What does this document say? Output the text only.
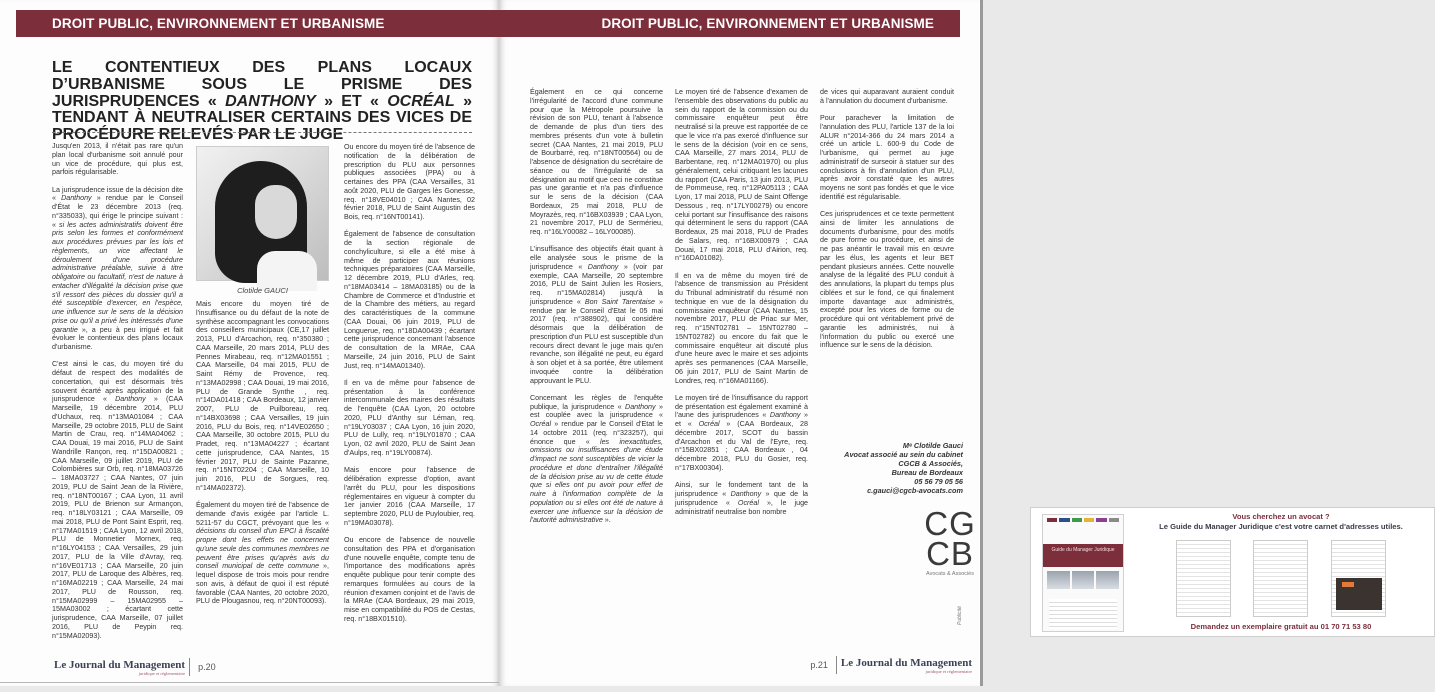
DROIT PUBLIC, ENVIRONNEMENT ET URBANISME
LE CONTENTIEUX DES PLANS LOCAUX D’URBANISME SOUS LE PRISME DES JURISPRUDENCES « DANTHONY » ET « OCRÉAL » TENDANT À NEUTRALISER CERTAINS DES VICES DE PROCÉDURE RELEVÉS PAR LE JUGE

Jusqu'en 2013, il n'était pas rare qu'un plan local d'urbanisme soit annulé pour un vice de procédure, qui plus est, parfois régularisable.

La jurisprudence issue de la décision dite « Danthony » rendue par le Conseil d'État le 23 décembre 2013 (req. n°335033), qui érige le principe suivant : « si les actes administratifs doivent être pris selon les formes et conformément aux procédures prévues par les lois et règlements, un vice affectant le déroulement d'une procédure administrative préalable, suivie à titre obligatoire ou facultatif, n'est de nature à entacher d'illégalité la décision prise que s'il ressort des pièces du dossier qu'il a été susceptible d'exercer, en l'espèce, une influence sur le sens de la décision prise ou qu'il a privé les intéressés d'une garantie », a peu à peu irrigué et fait évoluer le contentieux des plans locaux d'urbanisme.

C'est ainsi le cas, du moyen tiré du défaut de respect des modalités de concertation, qui est désormais très souvent écarté après application de la jurisprudence « Danthony » (CAA Marseille, 19 décembre 2014, PLU d'Uchaux, req. n°13MA01084 ; CAA Marseille, 29 octobre 2015, PLU de Saint Martin de Crau, req. n°14MA04062 ; CAA Douai, 19 mai 2016, PLU de Saint Wandrille Rançon, req. n°15DA00821 ; CAA Marseille, 09 juillet 2019, PLU de Colombières sur Orb, req. n°18MA03726 – 18MA03727 ; CAA Nantes, 07 juin 2019, PLU de Saint Jean de la Rivière, req. n°18NT00167 ; CAA Lyon, 11 avril 2019, PLU de Brienon sur Armançon, req. n°18LY03121 ; CAA Marseille, 09 mai 2018, PLU de Pont Saint Esprit, req. n°17MA01519 ; CAA Lyon, 12 avril 2018, PLU de Monnetier Mornex, req. n°16LY04153 ; CAA Versailles, 29 juin 2017, PLU de la Ville d'Avray, req. n°16VE01713 ; CAA Marseille, 20 juin 2017, PLU de Laroque des Albères, req. n°16MA02219 ; CAA Marseille, 24 mai 2017, PLU de Rousson, req. n°15MA02999 – 15MA02955 – 15MA03002 ; écartant cette jurisprudence, CAA Marseille, 07 juillet 2016, PLU de Peypin req. n°15MA02093).

Clotilde GAUCI

Mais encore du moyen tiré de l'insuffisance ou du défaut de la note de synthèse accompagnant les convocations des conseillers municipaux (CE,17 juillet 2013, PLU d'Arcachon, req. n°350380 ; CAA Marseille, 20 mars 2014, PLU des Pennes Mirabeau, req. n°12MA01551 ; CAA Marseille, 04 mai 2015, PLU de Saint Rémy de Provence, req. n°13MA02998 ; CAA Douai, 19 mai 2016, PLU de Grande Synthe , req. n°14DA01418 ; CAA Bordeaux, 12 janvier 2007, PLU de Puilboreau, req. n°14BX03698 ; CAA Versailles, 19 juin 2016, PLU du Bois, req. n°14VE02650 ; CAA Marseille, 30 octobre 2015, PLU du Pradet, req. n°13MA04227 ; écartant cette jurisprudence, CAA Nantes, 15 février 2017, PLU de Sainte Pazanne, req. n°15NT02204 ; CAA Marseille, 10 juin 2016, PLU de Sorgues, req. n°14MA02372).

Également du moyen tiré de l'absence de demande d'avis exigée par l'article L. 5211-57 du CGCT, prévoyant que les « décisions du conseil d'un EPCI à fiscalité propre dont les effets ne concernent qu'une seule des communes membres ne peuvent être prises qu'après avis du conseil municipal de cette commune », lequel dispose de trois mois pour rendre son avis, à défaut de quoi il est réputé favorable (CAA Nantes, 20 octobre 2020, PLU de Plougasnou, req. n°20NT00093).

Ou encore du moyen tiré de l'absence de notification de la délibération de prescription du PLU aux personnes publiques associées (PPA) ou à certaines des PPA (CAA Versailles, 31 août 2020, PLU de Garges lès Gonesse, req. n°18VE04010 ; CAA Nantes, 02 février 2018, PLU de Saint Augustin des Bois, req. n°16NT00141).

Également de l'absence de consultation de la section régionale de conchyliculture, si elle a été mise à même de participer aux réunions techniques préparatoires (CAA Marseille, 12 décembre 2019, PLU d'Arles, req. n°18MA03414 – 18MA03185) ou de la Chambre de Commerce et d'Industrie et de la Chambre des métiers, au regard des caractéristiques de la commune (CAA Douai, 06 juin 2019, PLU de Longuerue, req. n°18DA00439 ; écartant cette jurisprudence concernant l'absence de consultation de la MRAe, CAA Marseille, 24 juin 2016, PLU de Saint Just, req. n°14MA01340).

Il en va de même pour l'absence de présentation à la conférence intercommunale des maires des résultats de l'enquête (CAA Lyon, 20 octobre 2020, PLU d'Anthy sur Léman, req. n°19LY03037 ; CAA Lyon, 16 juin 2020, PLU de Lully, req. n°19LY01870 ; CAA Lyon, 02 avril 2020, PLU de Saint Jean d'Aulps, req. n°19LY00874).

Mais encore pour l'absence de délibération expresse d'option, avant l'arrêt du PLU, pour les dispositions réglementaires en vigueur à compter du 1er janvier 2016 (CAA Marseille, 17 septembre 2020, PLU de Puyloubier, req. n°19MA03078).

Ou encore de l'absence de nouvelle consultation des PPA et d'organisation d'une nouvelle enquête, compte tenu de l'importance des modifications après enquête publique pour tenir compte des remarques formulées au cours de la réunion d'examen conjoint et de l'avis de la MRAe (CAA Bordeaux, 29 mai 2019, mise en compatibilité du POS de Cestas, req. n°18BX01510).

Le Journal du Management
juridique et réglementaire
p.20
DROIT PUBLIC, ENVIRONNEMENT ET URBANISME

Également en ce qui concerne l'irrégularité de l'accord d'une commune pour que la Métropole poursuive la révision de son PLU, tenant à l'absence de demande de plus d'un tiers des membres présents d'un vote à bulletin secret (CAA Nantes, 21 mai 2019, PLU de Bourbarré, req. n°18NT00564) ou de l'absence de désignation du secrétaire de séance ou de l'irrégularité de sa désignation au motif que ceci ne constitue pas une garantie et n'a pas d'influence sur le sens de la décision (CAA Bordeaux, 25 mai 2018, PLU de Moyrazès, req. n°16BX03939 ; CAA Lyon, 21 novembre 2017, PLU de Sermérieu, req. n°16LY00082 – 16LY00085).

L'insuffisance des objectifs était quant à elle analysée sous le prisme de la jurisprudence « Danthony » (voir par exemple, CAA Marseille, 20 septembre 2016, PLU de Saint Julien les Rosiers, req. n°15MA02814) jusqu'à la jurisprudence « Bon Saint Tarentaise » rendue par le Conseil d'Etat le 05 mai 2017 (req. n°388902), qui considère désormais que la délibération de prescription d'un PLU est susceptible d'un recours direct devant le juge mais qu'en revanche, son illégalité ne peut, eu égard à son objet et à sa portée, être utilement invoquée contre la délibération approuvant le PLU.

Concernant les règles de l'enquête publique, la jurisprudence « Danthony » est couplée avec la jurisprudence « Ocréal » rendue par le Conseil d'Etat le 14 octobre 2011 (req. n°323257), qui énonce que « les inexactitudes, omissions ou insuffisances d'une étude d'impact ne sont susceptibles de vicier la procédure et donc d'entraîner l'illégalité de la décision prise au vu de cette étude que si elles ont pu avoir pour effet de nuire à l'information complète de la population ou si elles ont été de nature à exercer une influence sur la décision de l'autorité administrative ».

Le moyen tiré de l'absence d'examen de l'ensemble des observations du public au sein du rapport de la commission ou du commissaire enquêteur peut être neutralisé si la preuve est rapportée de ce que le vice n'a pas exercé d'influence sur le sens de la décision (voir en ce sens, CAA Marseille, 27 mars 2014, PLU de Barbentane, req. n°12MA01970) ou plus généralement, celui critiquant les lacunes du rapport (CAA Paris, 13 juin 2013, PLU de Pommeuse, req. n°12PA05113 ; CAA Lyon, 17 mai 2018, PLU de Saint Offenge Dessous , req. n°17LY00279) ou encore celui portant sur l'insuffisance des raisons qui déterminent le sens du rapport (CAA Bordeaux, 25 mai 2018, PLU de Prades de Salars, req. n°16BX00979 ; CAA Douai, 17 mai 2018, PLU d'Airion, req. n°16DA01082).

Il en va de même du moyen tiré de l'absence de transmission au Président du Tribunal administratif du résumé non technique en vue de la désignation du commissaire enquêteur (CAA Nantes, 15 novembre 2017, PLU de Priac sur Mer, req. n°15NT02781 – 15NT02780 – 15NT02782) ou encore du fait que le commissaire enquêteur ait discuté plus d'une heure avec le maire et ses adjoints après ses permanences (CAA Marseille, 06 juin 2017, PLU de Saint Martin de Londres, req. n°16MA01166).

Le moyen tiré de l'insuffisance du rapport de présentation est également examiné à l'aune des jurisprudences « Danthony » et « Ocréal » (CAA Bordeaux, 28 décembre 2017, SCOT du bassin d'Arcachon et du Val de l'Eyre, req. n°15BX02851 ; CAA Bordeaux , 04 décembre 2018, PLU du Gosier, req. n°17BX00304).

Ainsi, sur le fondement tant de la jurisprudence « Danthony » que de la jurisprudence « Ocréal », le juge administratif neutralise bon nombre

de vices qui auparavant auraient conduit à l'annulation du document d'urbanisme.

Pour parachever la limitation de l'annulation des PLU, l'article 137 de la loi ALUR n°2014-366 du 24 mars 2014 a créé un article L. 600-9 du Code de l'urbanisme, qui permet au juge administratif de surseoir à statuer sur des conclusions à fin d'annulation d'un PLU, après avoir constaté que les autres moyens ne sont pas fondés et que le vice identifié est régularisable.

Ces jurisprudences et ce texte permettent ainsi de limiter les annulations de documents d'urbanisme, pour des motifs de pure forme ou procédure, et ainsi de ne pas anéantir le travail mis en œuvre par les élus, les agents et leur BET pendant plusieurs années. Cette nouvelle analyse de la légalité des PLU conduit à des annulations, la plupart du temps plus ciblées et sur le fond, ce qui finalement importe davantage aux administrés, excepté pour les vices de forme ou de procédure qui ont véritablement privé de garantie les administrés, nui à l'information du public ou exercé une influence sur le sens de la décision.

Guide du Manager Juridique
Vous cherchez un avocat ?
Le Guide du Manager Juridique c'est votre carnet d'adresses utiles.
Demandez un exemplaire gratuit au 01 70 71 53 80
Mᵉ Clotilde Gauci
Avocat associé au sein du cabinet
CGCB & Associés,
Bureau de Bordeaux
05 56 79 05 56
c.gauci@cgcb-avocats.com
CG
CB
Avocats & Associés
Publicité
p.21	Le Journal du Management
juridique et réglementaire
